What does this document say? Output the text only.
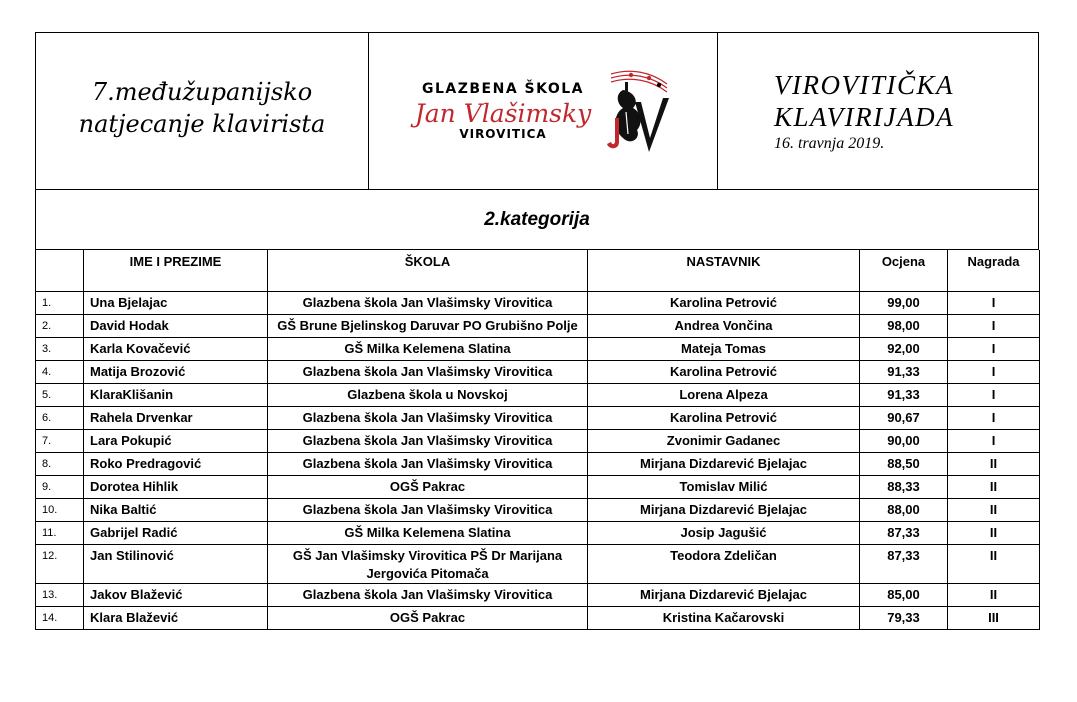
7.međužupanijsko
natjecanje klavirista
GLAZBENA ŠKOLA
Jan Vlašimsky
VIROVITICA
VIROVITIČKA
KLAVIRIJADA
16. travnja 2019.
2.kategorija
	IME I PREZIME	ŠKOLA	NASTAVNIK	Ocjena	Nagrada
1.	Una Bjelajac	Glazbena škola Jan Vlašimsky Virovitica	Karolina Petrović	99,00	I
2.	David Hodak	GŠ Brune Bjelinskog Daruvar PO Grubišno Polje	Andrea Vončina	98,00	I
3.	Karla Kovačević	GŠ Milka Kelemena Slatina	Mateja Tomas	92,00	I
4.	Matija Brozović	Glazbena škola Jan Vlašimsky Virovitica	Karolina Petrović	91,33	I
5.	KlaraKlišanin	Glazbena škola u Novskoj	Lorena Alpeza	91,33	I
6.	Rahela Drvenkar	Glazbena škola Jan Vlašimsky Virovitica	Karolina Petrović	90,67	I
7.	Lara Pokupić	Glazbena škola Jan Vlašimsky Virovitica	Zvonimir Gadanec	90,00	I
8.	Roko Predragović	Glazbena škola Jan Vlašimsky Virovitica	Mirjana Dizdarević Bjelajac	88,50	II
9.	Dorotea Hihlik	OGŠ Pakrac	Tomislav Milić	88,33	II
10.	Nika Baltić	Glazbena škola Jan Vlašimsky Virovitica	Mirjana Dizdarević Bjelajac	88,00	II
11.	Gabrijel Radić	GŠ Milka Kelemena Slatina	Josip Jagušić	87,33	II
12.	Jan Stilinović	GŠ Jan Vlašimsky Virovitica PŠ Dr Marijana Jergovića Pitomača	Teodora Zdeličan	87,33	II
13.	Jakov Blažević	Glazbena škola Jan Vlašimsky Virovitica	Mirjana Dizdarević Bjelajac	85,00	II
14.	Klara Blažević	OGŠ Pakrac	Kristina Kačarovski	79,33	III
